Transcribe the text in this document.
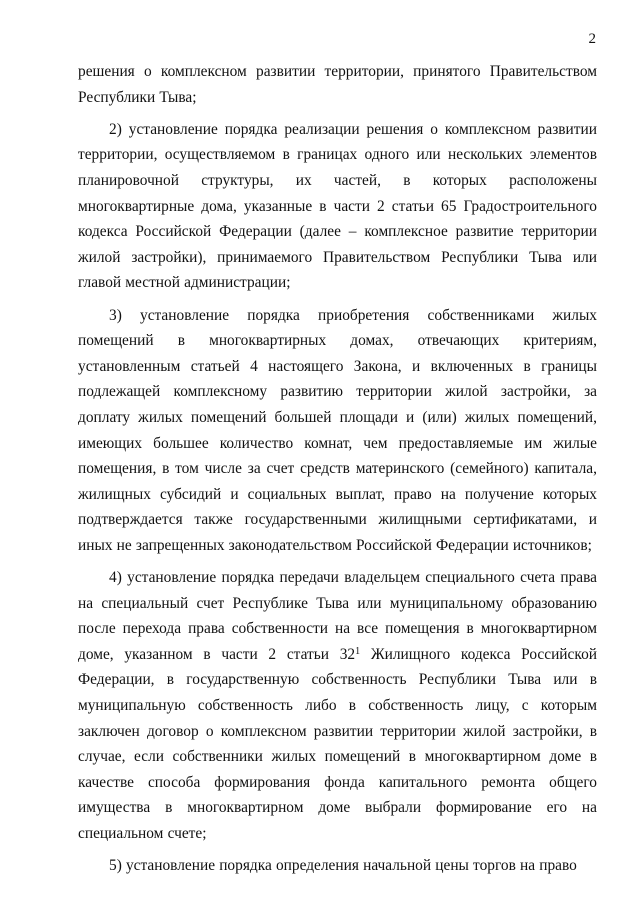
2

решения о комплексном развитии территории, принятого Правительством Республики Тыва;

2) установление порядка реализации решения о комплексном развитии территории, осуществляемом в границах одного или нескольких элементов планировочной структуры, их частей, в которых расположены многоквартирные дома, указанные в части 2 статьи 65 Градостроительного кодекса Российской Федерации (далее – комплексное развитие территории жилой застройки), принимаемого Правительством Республики Тыва или главой местной администрации;

3) установление порядка приобретения собственниками жилых помещений в многоквартирных домах, отвечающих критериям, установленным статьей 4 настоящего Закона, и включенных в границы подлежащей комплексному развитию территории жилой застройки, за доплату жилых помещений большей площади и (или) жилых помещений, имеющих большее количество комнат, чем предоставляемые им жилые помещения, в том числе за счет средств материнского (семейного) капитала, жилищных субсидий и социальных выплат, право на получение которых подтверждается также государственными жилищными сертификатами, и иных не запрещенных законодательством Российской Федерации источников;

4) установление порядка передачи владельцем специального счета права на специальный счет Республике Тыва или муниципальному образованию после перехода права собственности на все помещения в многоквартирном доме, указанном в части 2 статьи $32^1$ Жилищного кодекса Российской Федерации, в государственную собственность Республики Тыва или в муниципальную собственность либо в собственность лицу, с которым заключен договор о комплексном развитии территории жилой застройки, в случае, если собственники жилых помещений в многоквартирном доме в качестве способа формирования фонда капитального ремонта общего имущества в многоквартирном доме выбрали формирование его на специальном счете;

5) установление порядка определения начальной цены торгов на право
